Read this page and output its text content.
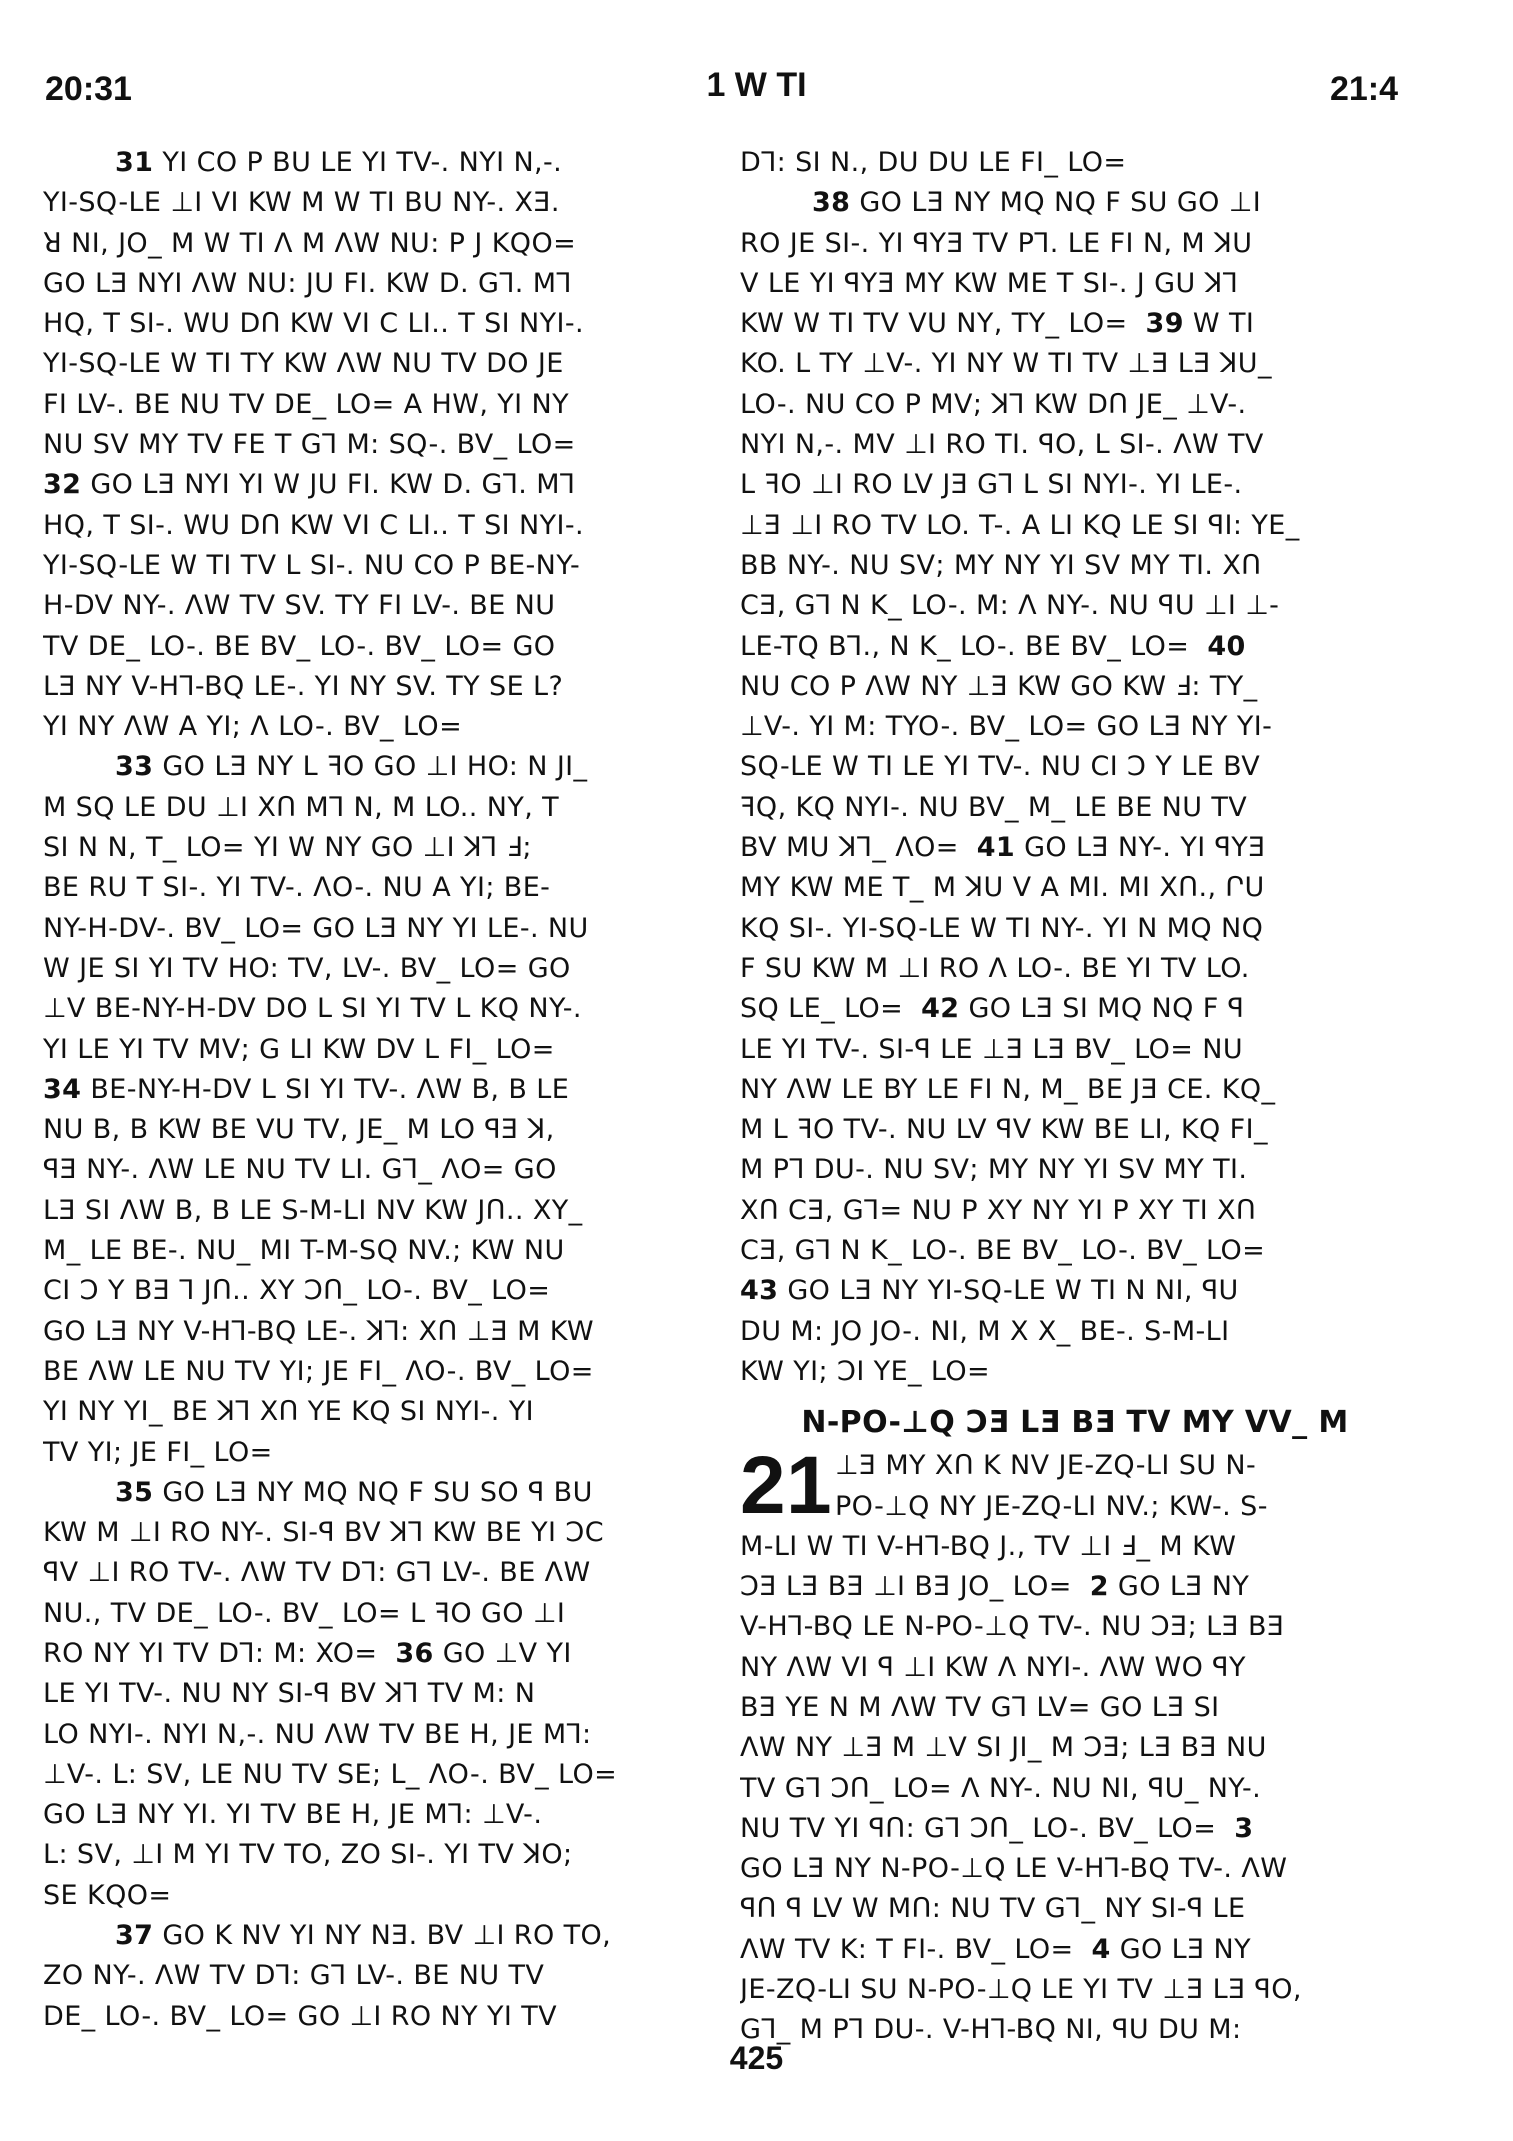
20:31	1 W TI	21:4
31 YI CO P BU LE YI TV-. NYI N,-.
YI-SQ-LE ⊥I VI KW M W TI BU NY-. XƎ.
ꓤ NI, JO_ M W TI Λ M ΛW NU: P J KQO=
GO LƎ NYI ΛW NU: JU FI. KW D. G⅂. M⅂
HQ, T SI-. WU DՈ KW VI C LI.. T SI NYI-.
YI-SQ-LE W TI TY KW ΛW NU TV DO JE
FI LV-. BE NU TV DE_ LO= A HW, YI NY
NU SV MY TV FE T G⅂ M: SQ-. BV_ LO=
32 GO LƎ NYI YI W JU FI. KW D. G⅂. M⅂
HQ, T SI-. WU DՈ KW VI C LI.. T SI NYI-.
YI-SQ-LE W TI TV L SI-. NU CO P BE-NY-
H-DV NY-. ΛW TV SV. TY FI LV-. BE NU
TV DE_ LO-. BE BV_ LO-. BV_ LO= GO
LƎ NY V-H⅂-BQ LE-. YI NY SV. TY SE L?
YI NY ΛW A YI; Λ LO-. BV_ LO=
33 GO LƎ NY L ꟻO GO ⊥I HO: N JI_
M SQ LE DU ⊥I XՈ M⅂ N, M LO.. NY, T
SI N N, T_ LO= YI W NY GO ⊥I ꓘ⅂ Ⅎ;
BE RU T SI-. YI TV-. ΛO-. NU A YI; BE-
NY-H-DV-. BV_ LO= GO LƎ NY YI LE-. NU
W JE SI YI TV HO: TV, LV-. BV_ LO= GO
⊥V BE-NY-H-DV DO L SI YI TV L KQ NY-.
YI LE YI TV MV; G LI KW DV L FI_ LO=
34 BE-NY-H-DV L SI YI TV-. ΛW B, B LE
NU B, B KW BE VU TV, JE_ M LO ꟼƎ ꓘ,
ꟼƎ NY-. ΛW LE NU TV LI. G⅂_ ΛO= GO
LƎ SI ΛW B, B LE S-M-LI NV KW JՈ.. XY_
M_ LE BE-. NU_ MI T-M-SQ NV.; KW NU
CI Ɔ Y BƎ ⅂ JՈ.. XY ƆՈ_ LO-. BV_ LO=
GO LƎ NY V-H⅂-BQ LE-. ꓘ⅂: XՈ ⊥Ǝ M KW
BE ΛW LE NU TV YI; JE FI_ ΛO-. BV_ LO=
YI NY YI_ BE ꓘ⅂ XՈ YE KQ SI NYI-. YI
TV YI; JE FI_ LO=
35 GO LƎ NY MQ NQ F SU SO ꟼ BU
KW M ⊥I RO NY-. SI-ꟼ BV ꓘ⅂ KW BE YI ƆC
ꟼV ⊥I RO TV-. ΛW TV D⅂: G⅂ LV-. BE ΛW
NU., TV DE_ LO-. BV_ LO= L ꟻO GO ⊥I
RO NY YI TV D⅂: M: XO= 36 GO ⊥V YI
LE YI TV-. NU NY SI-ꟼ BV ꓘ⅂ TV M: N
LO NYI-. NYI N,-. NU ΛW TV BE H, JE M⅂:
⊥V-. L: SV, LE NU TV SE; L_ ΛO-. BV_ LO=
GO LƎ NY YI. YI TV BE H, JE M⅂: ⊥V-.
L: SV, ⊥I M YI TV TO, ZO SI-. YI TV ꓘO;
SE KQO=
37 GO K NV YI NY NƎ. BV ⊥I RO TO,
ZO NY-. ΛW TV D⅂: G⅂ LV-. BE NU TV
DE_ LO-. BV_ LO= GO ⊥I RO NY YI TV
D⅂: SI N., DU DU LE FI_ LO=
38 GO LƎ NY MQ NQ F SU GO ⊥I
RO JE SI-. YI ꟼYƎ TV P⅂. LE FI N, M ꓘU
V LE YI ꟼYƎ MY KW ME T SI-. J GU ꓘ⅂
KW W TI TV VU NY, TY_ LO= 39 W TI
KO. L TY ⊥V-. YI NY W TI TV ⊥Ǝ LƎ ꓘU_
LO-. NU CO P MV; ꓘ⅂ KW DՈ JE_ ⊥V-.
NYI N,-. MV ⊥I RO TI. ꟼO, L SI-. ΛW TV
L ꟻO ⊥I RO LV JƎ G⅂ L SI NYI-. YI LE-.
⊥Ǝ ⊥I RO TV LO. T-. A LI KQ LE SI ꟼI: YE_
BB NY-. NU SV; MY NY YI SV MY TI. XՈ
CƎ, G⅂ N K_ LO-. M: Λ NY-. NU ꟼU ⊥I ⊥-
LE-TQ B⅂., N K_ LO-. BE BV_ LO= 40
NU CO P ΛW NY ⊥Ǝ KW GO KW Ⅎ: TY_
⊥V-. YI M: TYO-. BV_ LO= GO LƎ NY YI-
SQ-LE W TI LE YI TV-. NU CI Ɔ Y LE BV
ꟻQ, KQ NYI-. NU BV_ M_ LE BE NU TV
BV MU ꓘ⅂_ ΛO= 41 GO LƎ NY-. YI ꟼYƎ
MY KW ME T_ M ꓘU V A MI. MI XՈ., ՐU
KQ SI-. YI-SQ-LE W TI NY-. YI N MQ NQ
F SU KW M ⊥I RO Λ LO-. BE YI TV LO.
SQ LE_ LO= 42 GO LƎ SI MQ NQ F ꟼ
LE YI TV-. SI-ꟼ LE ⊥Ǝ LƎ BV_ LO= NU
NY ΛW LE BY LE FI N, M_ BE JƎ CE. KQ_
M L ꟻO TV-. NU LV ꟼV KW BE LI, KQ FI_
M P⅂ DU-. NU SV; MY NY YI SV MY TI.
XՈ CƎ, G⅂= NU P XY NY YI P XY TI XՈ
CƎ, G⅂ N K_ LO-. BE BV_ LO-. BV_ LO=
43 GO LƎ NY YI-SQ-LE W TI N NI, ꟼU
DU M: JO JO-. NI, M X X_ BE-. S-M-LI
KW YI; ƆI YE_ LO=
N-PO-⊥Q ƆƎ LƎ BƎ TV MY VV_ M
21 ⊥Ǝ MY XՈ K NV JE-ZQ-LI SU N-
PO-⊥Q NY JE-ZQ-LI NV.; KW-. S-
M-LI W TI V-H⅂-BQ J., TV ⊥I Ⅎ_ M KW
ƆƎ LƎ BƎ ⊥I BƎ JO_ LO= 2 GO LƎ NY
V-H⅂-BQ LE N-PO-⊥Q TV-. NU ƆƎ; LƎ BƎ
NY ΛW VI ꟼ ⊥I KW Λ NYI-. ΛW WO ꟼY
BƎ YE N M ΛW TV G⅂ LV= GO LƎ SI
ΛW NY ⊥Ǝ M ⊥V SI JI_ M ƆƎ; LƎ BƎ NU
TV G⅂ ƆՈ_ LO= Λ NY-. NU NI, ꟼU_ NY-.
NU TV YI ꟼՈ: G⅂ ƆՈ_ LO-. BV_ LO= 3
GO LƎ NY N-PO-⊥Q LE V-H⅂-BQ TV-. ΛW
ꟼՈ ꟼ LV W MՈ: NU TV G⅂_ NY SI-ꟼ LE
ΛW TV K: T FI-. BV_ LO= 4 GO LƎ NY
JE-ZQ-LI SU N-PO-⊥Q LE YI TV ⊥Ǝ LƎ ꟼO,
G⅂_ M P⅂ DU-. V-H⅂-BQ NI, ꟼU DU M:
425
